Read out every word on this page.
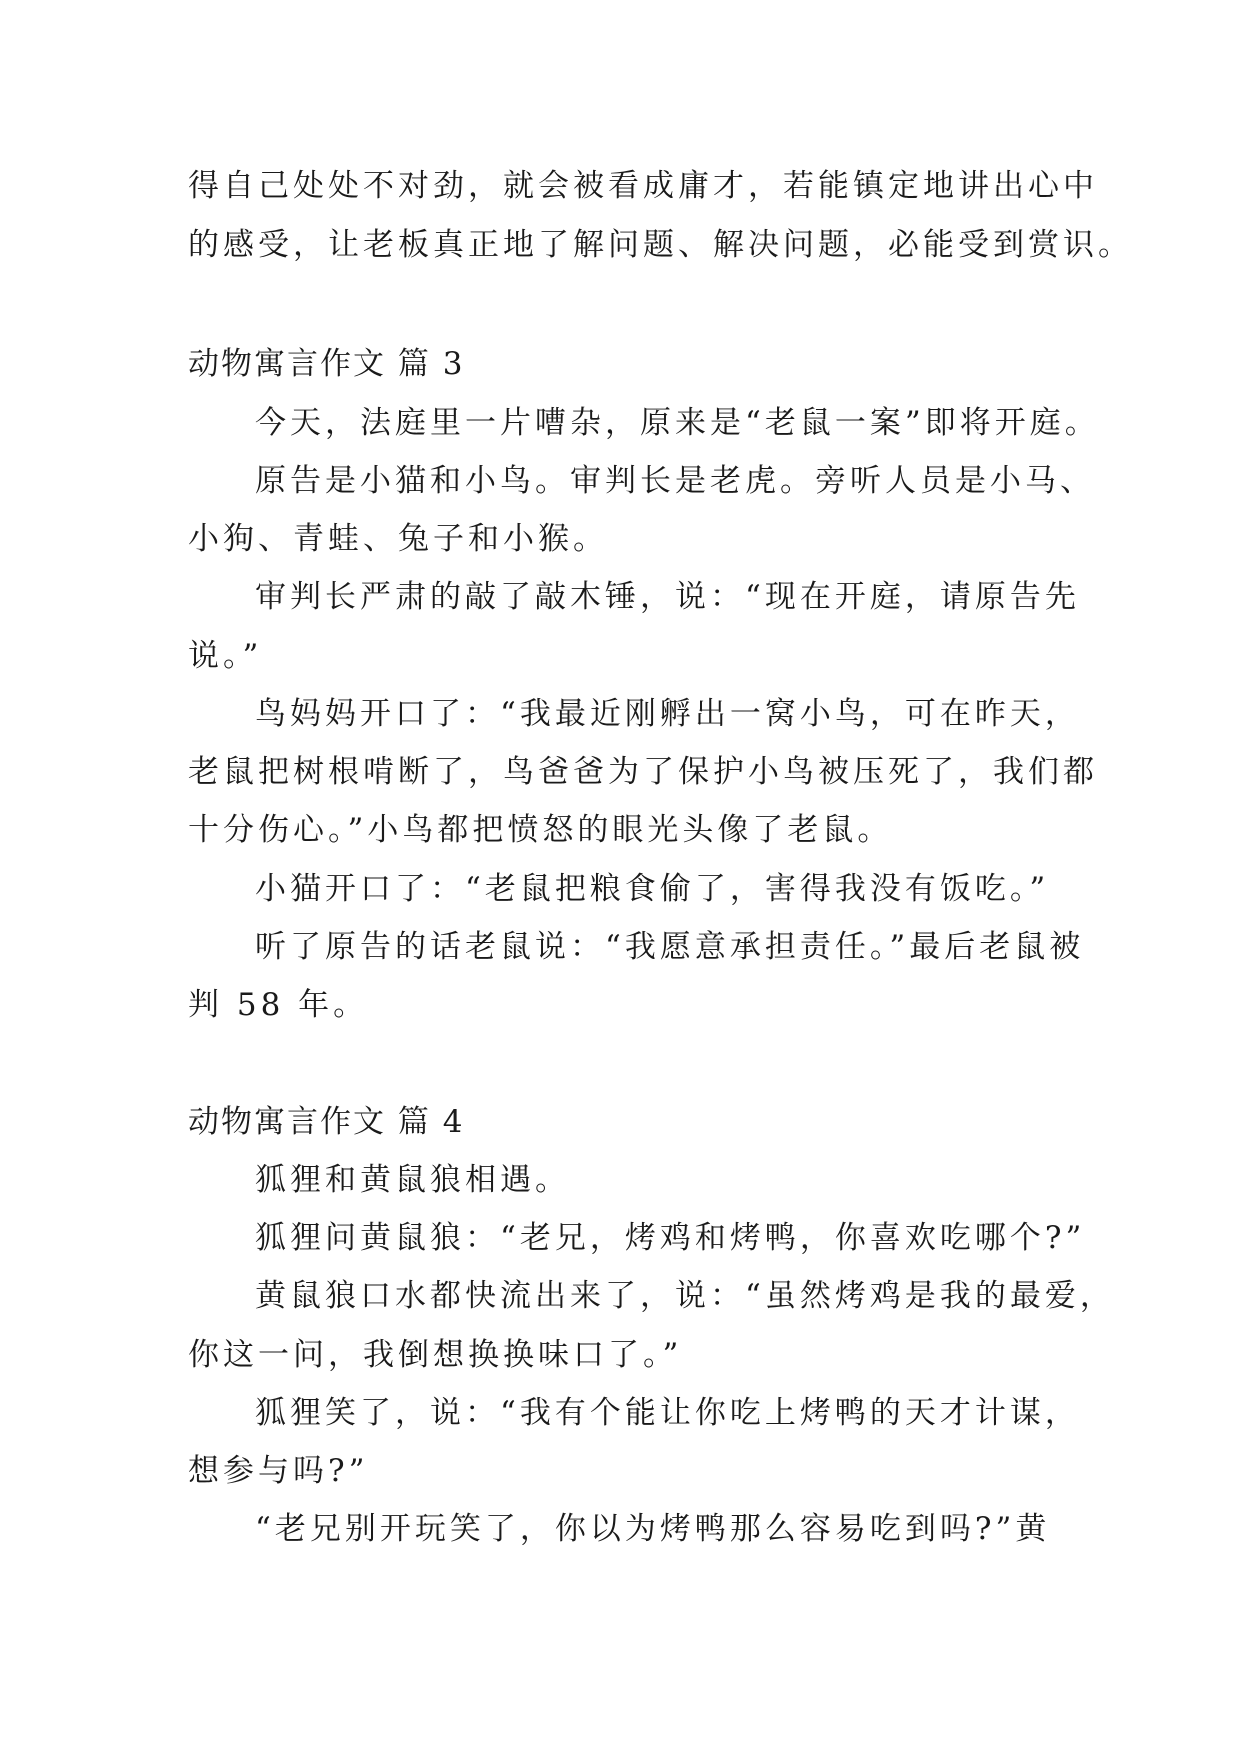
得自己处处不对劲，就会被看成庸才，若能镇定地讲出心中
的感受，让老板真正地了解问题、解决问题，必能受到赏识。
动物寓言作文 篇 3
今天，法庭里一片嘈杂，原来是“老鼠一案”即将开庭。
原告是小猫和小鸟。审判长是老虎。旁听人员是小马、
小狗、青蛙、兔子和小猴。
审判长严肃的敲了敲木锤，说：“现在开庭，请原告先
说。”
鸟妈妈开口了：“我最近刚孵出一窝小鸟，可在昨天，
老鼠把树根啃断了，鸟爸爸为了保护小鸟被压死了，我们都
十分伤心。”小鸟都把愤怒的眼光头像了老鼠。
小猫开口了：“老鼠把粮食偷了，害得我没有饭吃。”
听了原告的话老鼠说：“我愿意承担责任。”最后老鼠被
判 58 年。
动物寓言作文 篇 4
狐狸和黄鼠狼相遇。
狐狸问黄鼠狼：“老兄，烤鸡和烤鸭，你喜欢吃哪个?”
黄鼠狼口水都快流出来了，说：“虽然烤鸡是我的最爱，
你这一问，我倒想换换味口了。”
狐狸笑了，说：“我有个能让你吃上烤鸭的天才计谋，
想参与吗?”
“老兄别开玩笑了，你以为烤鸭那么容易吃到吗?”黄
